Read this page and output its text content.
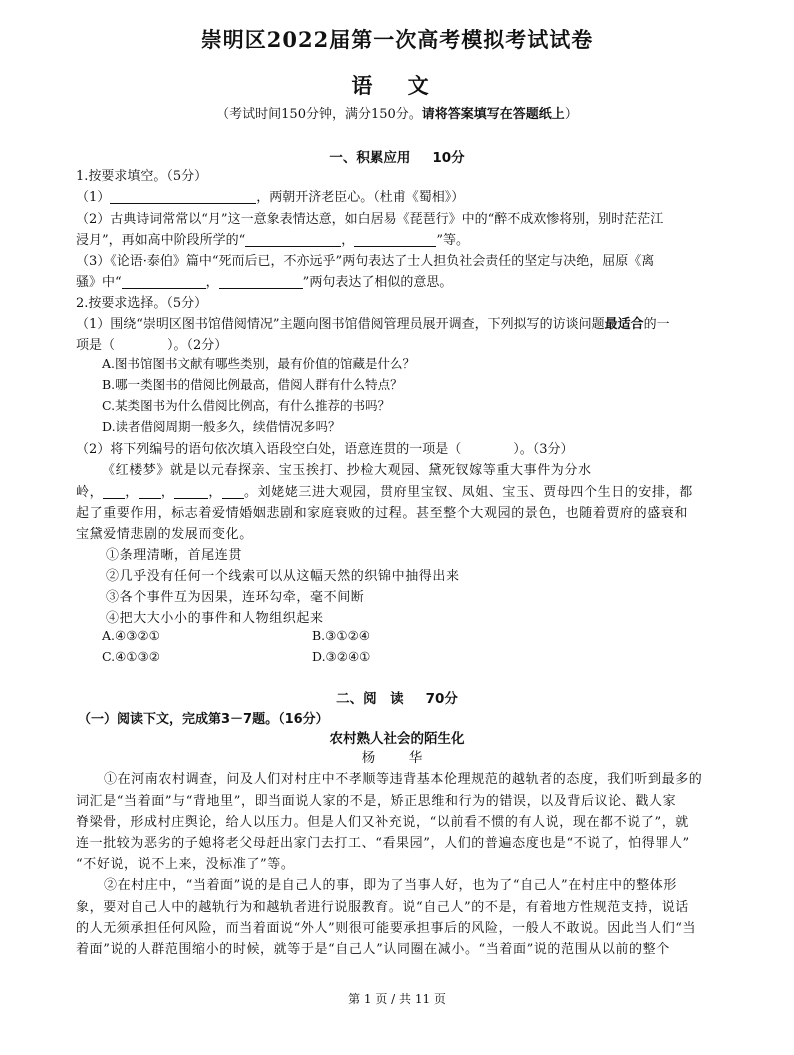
崇明区2022届第一次高考模拟考试试卷
语 文
（考试时间150分钟，满分150分。请将答案填写在答题纸上）
一、积累应用 10分
1.按要求填空。（5分）
（1）	，两朝开济老臣心。（杜甫《蜀相》）
（2）古典诗词常常以“月”这一意象表情达意，如白居易《琵琶行》中的“醉不成欢惨将别，别时茫茫江
浸月”，再如高中阶段所学的“	，	”等。
（3）《论语·泰伯》篇中“死而后已，不亦远乎”两句表达了士人担负社会责任的坚定与决绝，屈原《离
骚》中“	，	”两句表达了相似的意思。
2.按要求选择。（5分）
（1）围绕“崇明区图书馆借阅情况”主题向图书馆借阅管理员展开调查，下列拟写的访谈问题最适合的一
项是（　　　　）。（2分）
A.图书馆图书文献有哪些类别，最有价值的馆藏是什么？
B.哪一类图书的借阅比例最高，借阅人群有什么特点？
C.某类图书为什么借阅比例高，有什么推荐的书吗？
D.读者借阅周期一般多久，续借情况多吗？
（2）将下列编号的语句依次填入语段空白处，语意连贯的一项是（　　　　）。（3分）
《红楼梦》就是以元春探亲、宝玉挨打、抄检大观园、黛死钗嫁等重大事件为分水
岭， ， ，	， 。刘姥姥三进大观园，贯府里宝钗、凤姐、宝玉、贾母四个生日的安排，都
起了重要作用，标志着爱情婚姻悲剧和家庭衰败的过程。甚至整个大观园的景色，也随着贾府的盛衰和
宝黛爱情悲剧的发展而变化。
①条理清晰，首尾连贯
②几乎没有任何一个线索可以从这幅天然的织锦中抽得出来
③各个事件互为因果，连环勾牵，毫不间断
④把大大小小的事件和人物组织起来
A.④③②①	B.③①②④
C.④①③②	D.③②④①
二、阅　读 70分
（一）阅读下文，完成第3－7题。（16分）
农村熟人社会的陌生化
杨　华
①在河南农村调查，问及人们对村庄中不孝顺等违背基本伦理规范的越轨者的态度，我们听到最多的
词汇是“当着面”与“背地里”，即当面说人家的不是，矫正思维和行为的错误，以及背后议论、戳人家
脊梁骨，形成村庄舆论，给人以压力。但是人们又补充说，“以前看不惯的有人说，现在都不说了”，就
连一批较为恶劣的子媳将老父母赶出家门去打工、“看果园”，人们的普遍态度也是“不说了，怕得罪人”
“不好说，说不上来，没标准了”等。
②在村庄中，“当着面”说的是自己人的事，即为了当事人好，也为了“自己人”在村庄中的整体形
象，要对自己人中的越轨行为和越轨者进行说服教育。说“自己人”的不是，有着地方性规范支持，说话
的人无须承担任何风险，而当着面说“外人”则很可能要承担事后的风险，一般人不敢说。因此当人们“当
着面”说的人群范围缩小的时候，就等于是“自己人”认同圈在减小。“当着面”说的范围从以前的整个
第 1 页 / 共 11 页
